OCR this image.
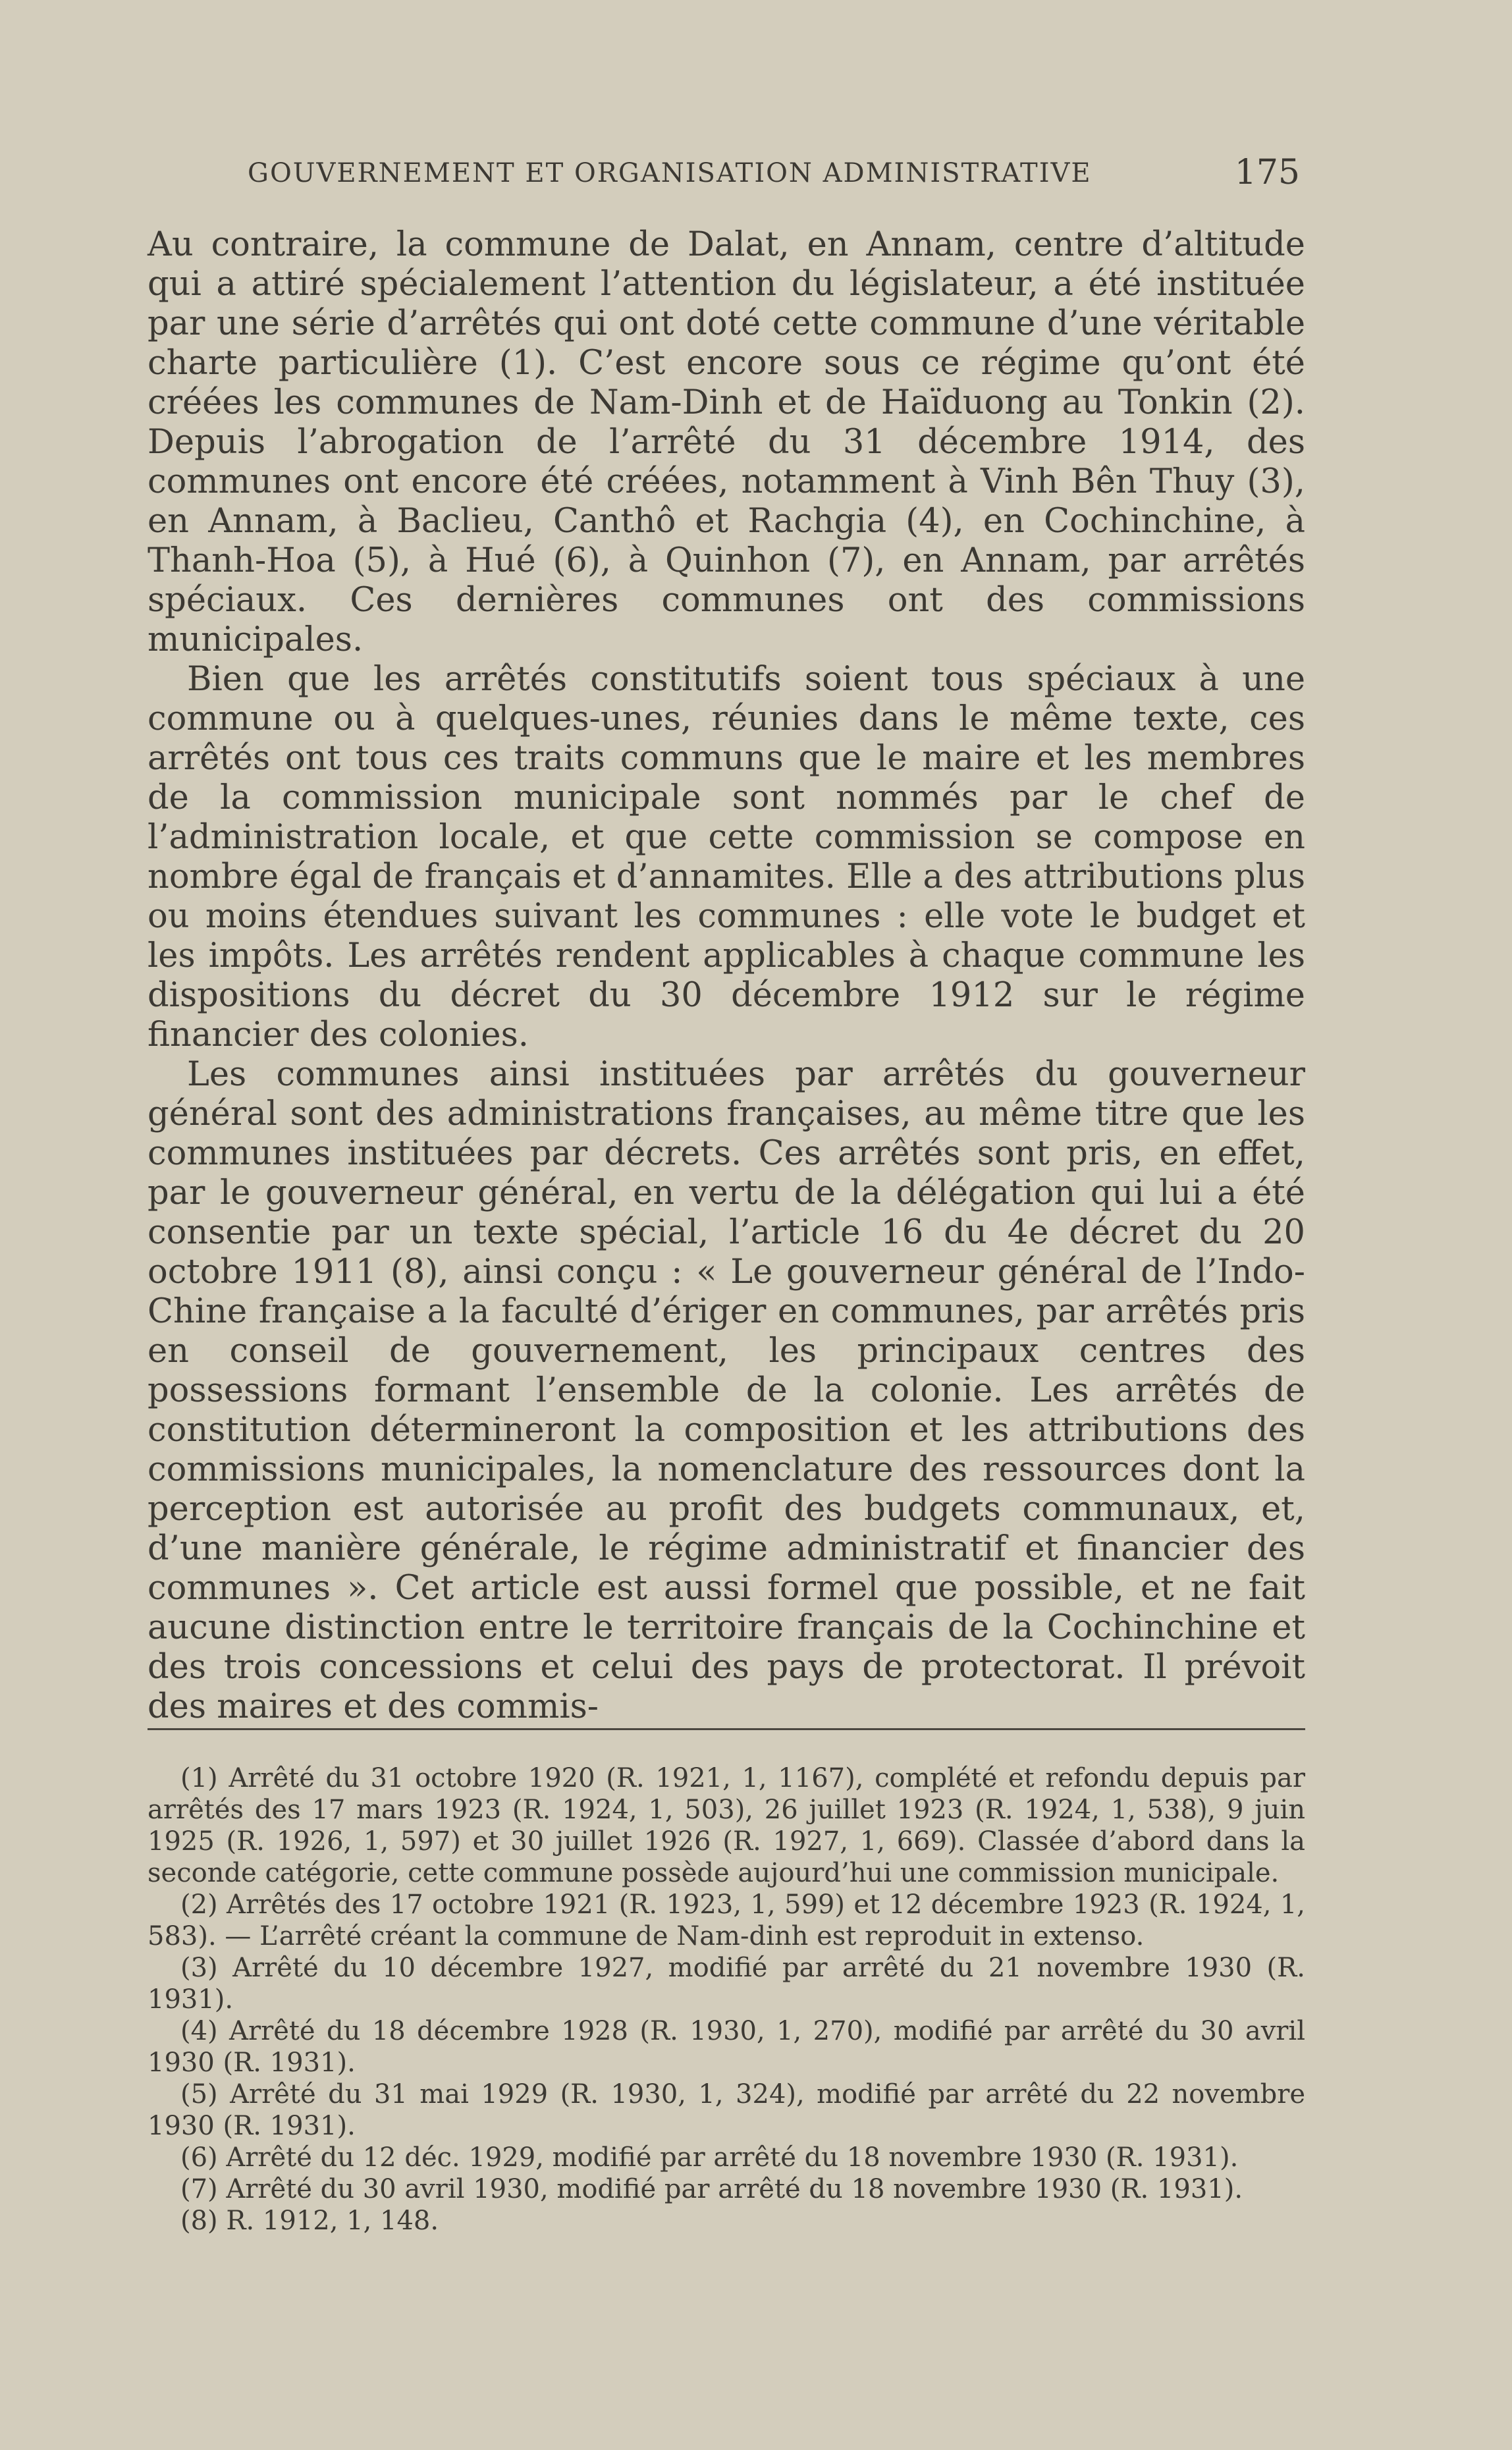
GOUVERNEMENT ET ORGANISATION ADMINISTRATIVE	175

Au contraire, la commune de Dalat, en Annam, centre d’altitude qui a attiré spécialement l’attention du législateur, a été instituée par une série d’arrêtés qui ont doté cette commune d’une véritable charte particulière (1). C’est encore sous ce régime qu’ont été créées les communes de Nam-Dinh et de Haïduong au Tonkin (2). Depuis l’abrogation de l’arrêté du 31 décembre 1914, des communes ont encore été créées, notamment à Vinh Bên Thuy (3), en Annam, à Baclieu, Canthô et Rachgia (4), en Cochinchine, à Thanh-Hoa (5), à Hué (6), à Quinhon (7), en Annam, par arrêtés spéciaux. Ces dernières communes ont des commissions municipales.

Bien que les arrêtés constitutifs soient tous spéciaux à une commune ou à quelques-unes, réunies dans le même texte, ces arrêtés ont tous ces traits communs que le maire et les membres de la commission municipale sont nommés par le chef de l’administration locale, et que cette commission se compose en nombre égal de français et d’annamites. Elle a des attributions plus ou moins étendues suivant les communes : elle vote le budget et les impôts. Les arrêtés rendent applicables à chaque commune les dispositions du décret du 30 décembre 1912 sur le régime financier des colonies.

Les communes ainsi instituées par arrêtés du gouverneur général sont des administrations françaises, au même titre que les communes instituées par décrets. Ces arrêtés sont pris, en effet, par le gouverneur général, en vertu de la délégation qui lui a été consentie par un texte spécial, l’article 16 du 4e décret du 20 octobre 1911 (8), ainsi conçu : « Le gouverneur général de l’Indo-Chine française a la faculté d’ériger en communes, par arrêtés pris en conseil de gouvernement, les principaux centres des possessions formant l’ensemble de la colonie. Les arrêtés de constitution détermineront la composition et les attributions des commissions municipales, la nomenclature des ressources dont la perception est autorisée au profit des budgets communaux, et, d’une manière générale, le régime administratif et financier des communes ». Cet article est aussi formel que possible, et ne fait aucune distinction entre le territoire français de la Cochinchine et des trois concessions et celui des pays de protectorat. Il prévoit des maires et des commis-

(1) Arrêté du 31 octobre 1920 (R. 1921, 1, 1167), complété et refondu depuis par arrêtés des 17 mars 1923 (R. 1924, 1, 503), 26 juillet 1923 (R. 1924, 1, 538), 9 juin 1925 (R. 1926, 1, 597) et 30 juillet 1926 (R. 1927, 1, 669). Classée d’abord dans la seconde catégorie, cette commune possède aujourd’hui une commission municipale.

(2) Arrêtés des 17 octobre 1921 (R. 1923, 1, 599) et 12 décembre 1923 (R. 1924, 1, 583). — L’arrêté créant la commune de Nam-dinh est reproduit in extenso.

(3) Arrêté du 10 décembre 1927, modifié par arrêté du 21 novembre 1930 (R. 1931).

(4) Arrêté du 18 décembre 1928 (R. 1930, 1, 270), modifié par arrêté du 30 avril 1930 (R. 1931).

(5) Arrêté du 31 mai 1929 (R. 1930, 1, 324), modifié par arrêté du 22 novembre 1930 (R. 1931).

(6) Arrêté du 12 déc. 1929, modifié par arrêté du 18 novembre 1930 (R. 1931).

(7) Arrêté du 30 avril 1930, modifié par arrêté du 18 novembre 1930 (R. 1931).

(8) R. 1912, 1, 148.
